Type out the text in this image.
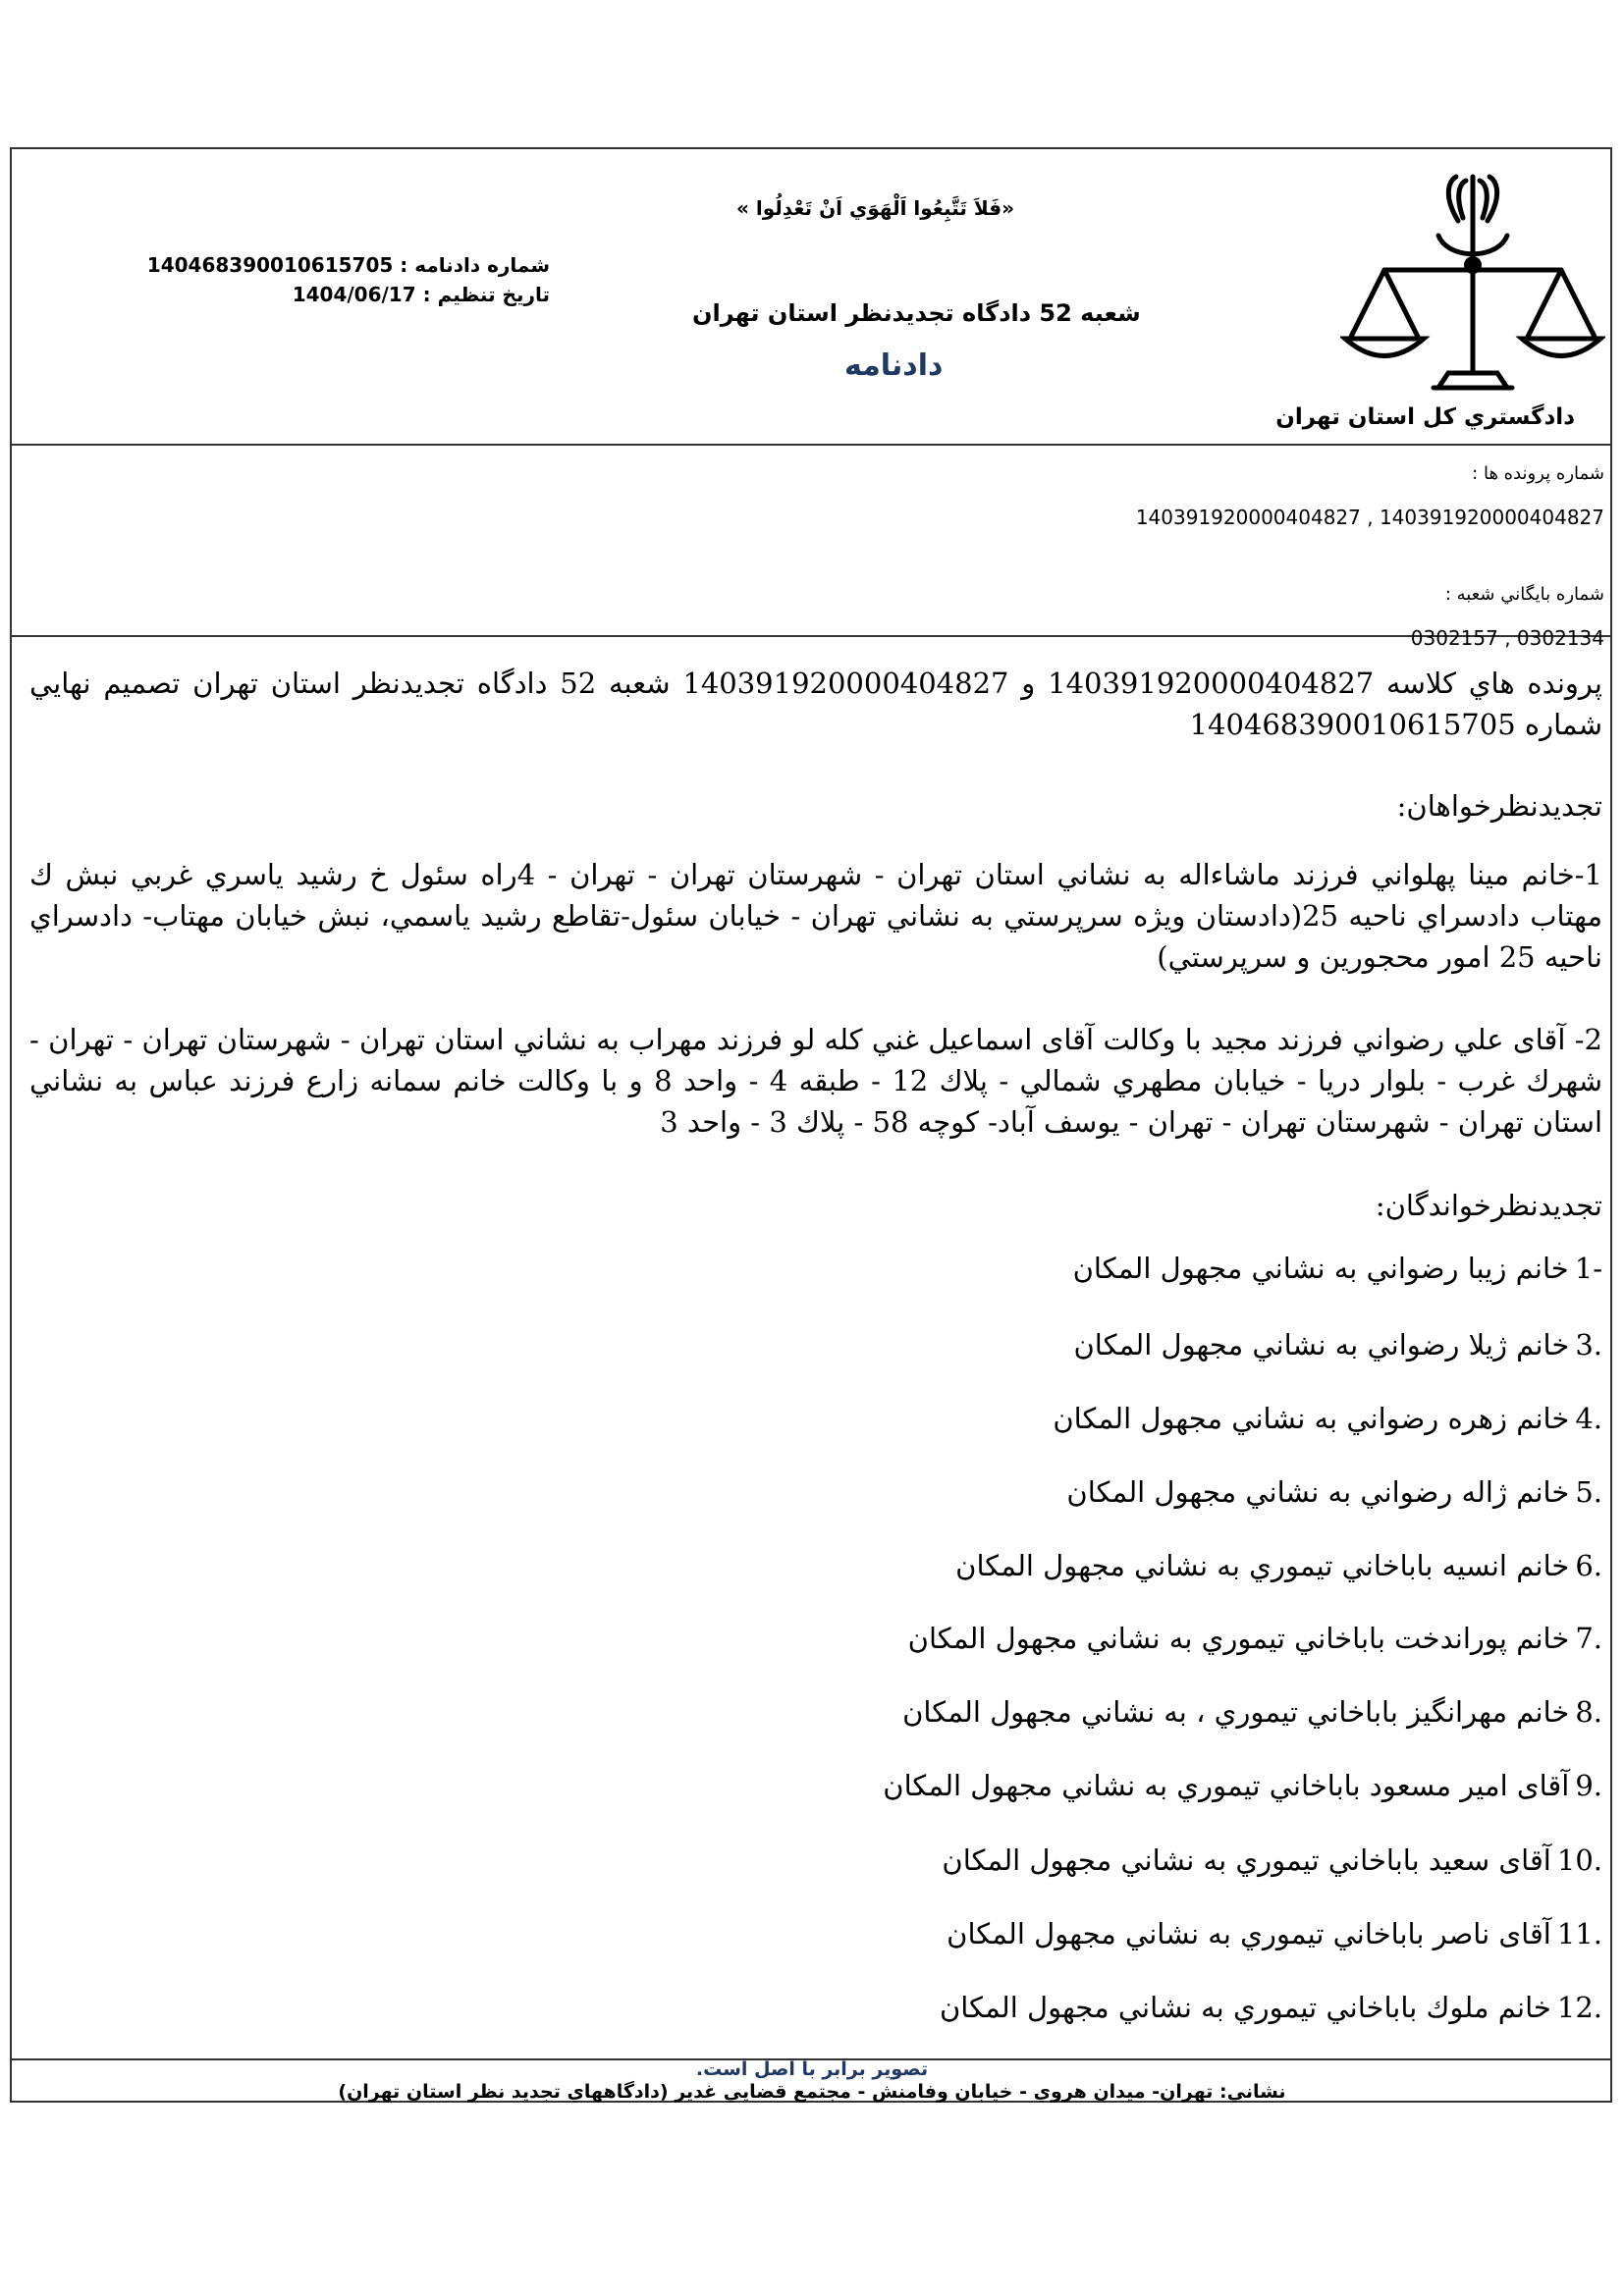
دادگستري كل استان تهران
«فَلاَ تَتَّبِعُوا اَلْهَوَي اَنْ تَعْدِلُوا »
شعبه 52 دادگاه تجديدنظر استان تهران
دادنامه
شماره دادنامه : 140468390010615705
تاريخ تنظيم : 1404/06/17
شماره پرونده ها :
140391920000404827 , 140391920000404827
شماره بايگاني شعبه :
0302157 , 0302134
پرونده هاي كلاسه 140391920000404827 و 140391920000404827 شعبه 52 دادگاه تجديدنظر استان تهران تصميم نهايي شماره 140468390010615705
تجديدنظرخواهان:
1-خانم مينا پهلواني فرزند ماشاءاله به نشاني استان تهران - شهرستان تهران - تهران - 4راه سئول خ رشيد ياسري غربي نبش ك مهتاب دادسراي ناحيه 25(دادستان ويژه سرپرستي به نشاني تهران - خيابان سئول-تقاطع رشيد ياسمي، نبش خيابان مهتاب- دادسراي ناحيه 25 امور محجورين و سرپرستي)
2- آقاى علي رضواني فرزند مجيد با وكالت آقاى اسماعيل غني كله لو فرزند مهراب به نشاني استان تهران - شهرستان تهران - تهران - شهرك غرب - بلوار دريا - خيابان مطهري شمالي - پلاك 12 - طبقه 4 - واحد 8 و با وكالت خانم سمانه زارع فرزند عباس به نشاني استان تهران - شهرستان تهران - تهران - يوسف آباد- كوچه 58 - پلاك 3 - واحد 3
تجديدنظرخواندگان:
-1خانم زيبا رضواني به نشاني مجهول المكان
.3خانم ژيلا رضواني به نشاني مجهول المكان
.4خانم زهره رضواني به نشاني مجهول المكان
.5خانم ژاله رضواني به نشاني مجهول المكان
.6خانم انسيه باباخاني تيموري به نشاني مجهول المكان
.7خانم پوراندخت باباخاني تيموري به نشاني مجهول المكان
.8خانم مهرانگيز باباخاني تيموري ، به نشاني مجهول المكان
.9آقاى امير مسعود باباخاني تيموري به نشاني مجهول المكان
.10آقاى سعيد باباخاني تيموري به نشاني مجهول المكان
.11آقاى ناصر باباخاني تيموري به نشاني مجهول المكان
.12خانم ملوك باباخاني تيموري به نشاني مجهول المكان
تصوير برابر با اصل است.
نشاني: تهران- ميدان هروي - خيابان وفامنش - مجتمع قضايي غدير (دادگاههاي تجديد نظر استان تهران)
